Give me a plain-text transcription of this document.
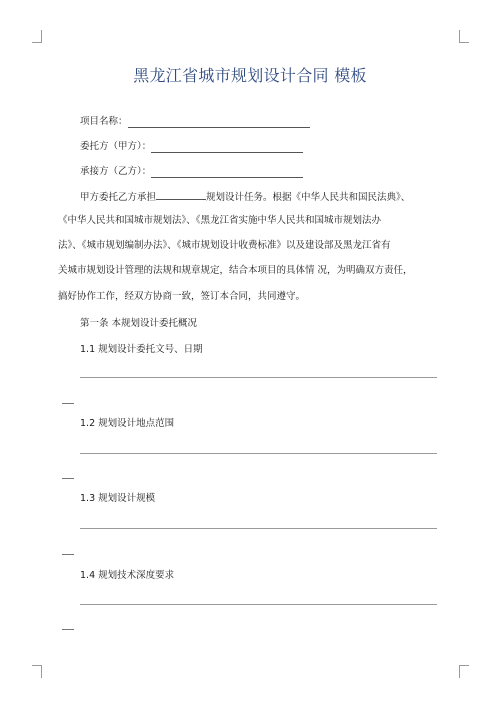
黑龙江省城市规划设计合同 模板
项目名称：
委托方（甲方）：
承接方（乙方）：
甲方委托乙方承担	规划设计任务。根据《中华人民共和国民法典》、
《中华人民共和国城市规划法》、《黑龙江省实施中华人民共和国城市规划法办
法》、《城市规划编制办法》、《城市规划设计收费标准》以及建设部及黑龙江省有
关城市规划设计管理的法规和规章规定，结合本项目的具体情 况，为明确双方责任，
搞好协作工作，经双方协商一致，签订本合同，共同遵守。
第一条 本规划设计委托概况
1.1 规划设计委托文号、日期
1.2 规划设计地点范围
1.3 规划设计规模
1.4 规划技术深度要求
